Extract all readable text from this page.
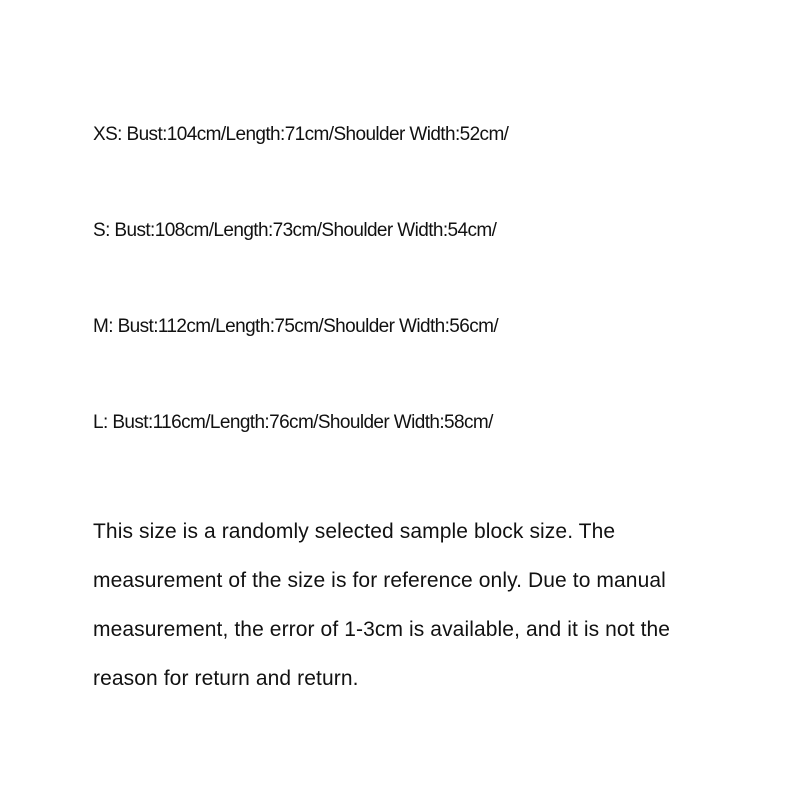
XS: Bust:104cm/Length:71cm/Shoulder Width:52cm/
S: Bust:108cm/Length:73cm/Shoulder Width:54cm/
M: Bust:112cm/Length:75cm/Shoulder Width:56cm/
L: Bust:116cm/Length:76cm/Shoulder Width:58cm/
This size is a randomly selected sample block size. The
measurement of the size is for reference only. Due to manual
measurement, the error of 1-3cm is available, and it is not the
reason for return and return.
